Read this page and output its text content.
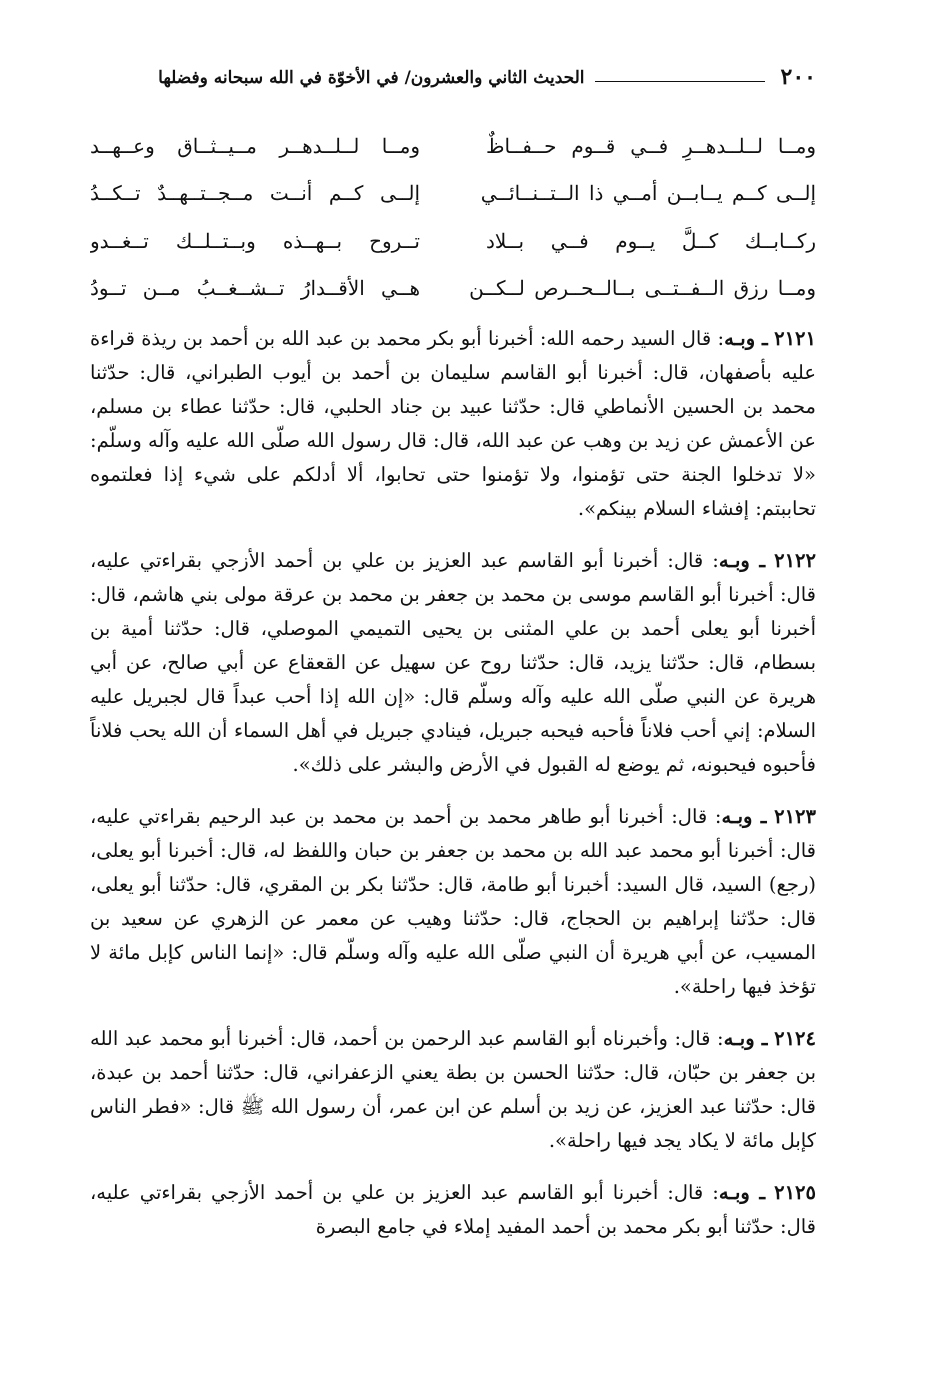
٢٠٠
الحديث الثاني والعشرون/ في الأخوّة في الله سبحانه وفضلها
ومــا لــلــدهــرِ فــي قــوم حــفــاظٌ
ومــا لــلــدهــر مــيــثــاق وعــهــد
إلــى كــم يــابــن أمــي ذا الــتــنــائــي
إلــى كــم أنــت مــجــتــهــدٌ تــكــدُ
ركــابــك كــلَّ يــوم فــي بــلاد
تــروح بــهــذه وبــتــلــك تــغــدو
ومــا رزق الــفــتــى بــالــحــرص لــكــن
هــي الأقــدارُ تــشــغــبُ مــن تــودُ

٢١٢١ ـ وبـه: قال السيد رحمه الله: أخبرنا أبو بكر محمد بن عبد الله بن أحمد بن ريذة قراءة عليه بأصفهان، قال: أخبرنا أبو القاسم سليمان بن أحمد بن أيوب الطبراني، قال: حدّثنا محمد بن الحسين الأنماطي قال: حدّثنا عبيد بن جناد الحلبي، قال: حدّثنا عطاء بن مسلم، عن الأعمش عن زيد بن وهب عن عبد الله، قال: قال رسول الله صلّى الله عليه وآله وسلّم: «لا تدخلوا الجنة حتى تؤمنوا، ولا تؤمنوا حتى تحابوا، ألا أدلكم على شيء إذا فعلتموه تحاببتم: إفشاء السلام بينكم».

٢١٢٢ ـ وبـه: قال: أخبرنا أبو القاسم عبد العزيز بن علي بن أحمد الأزجي بقراءتي عليه، قال: أخبرنا أبو القاسم موسى بن محمد بن جعفر بن محمد بن عرقة مولى بني هاشم، قال: أخبرنا أبو يعلى أحمد بن علي المثنى بن يحيى التميمي الموصلي، قال: حدّثنا أمية بن بسطام، قال: حدّثنا يزيد، قال: حدّثنا روح عن سهيل عن القعقاع عن أبي صالح، عن أبي هريرة عن النبي صلّى الله عليه وآله وسلّم قال: «إن الله إذا أحب عبداً قال لجبريل عليه السلام: إني أحب فلاناً فأحبه فيحبه جبريل، فينادي جبريل في أهل السماء أن الله يحب فلاناً فأحبوه فيحبونه، ثم يوضع له القبول في الأرض والبشر على ذلك».

٢١٢٣ ـ وبـه: قال: أخبرنا أبو طاهر محمد بن أحمد بن محمد بن عبد الرحيم بقراءتي عليه، قال: أخبرنا أبو محمد عبد الله بن محمد بن جعفر بن حبان واللفظ له، قال: أخبرنا أبو يعلى، (رجع) السيد، قال السيد: أخبرنا أبو طامة، قال: حدّثنا بكر بن المقري، قال: حدّثنا أبو يعلى، قال: حدّثنا إبراهيم بن الحجاج، قال: حدّثنا وهيب عن معمر عن الزهري عن سعيد بن المسيب، عن أبي هريرة أن النبي صلّى الله عليه وآله وسلّم قال: «إنما الناس كإبل مائة لا تؤخذ فيها راحلة».

٢١٢٤ ـ وبـه: قال: وأخبرناه أبو القاسم عبد الرحمن بن أحمد، قال: أخبرنا أبو محمد عبد الله بن جعفر بن حبّان، قال: حدّثنا الحسن بن بطة يعني الزعفراني، قال: حدّثنا أحمد بن عبدة، قال: حدّثنا عبد العزيز، عن زيد بن أسلم عن ابن عمر، أن رسول الله ﷺ قال: «فطر الناس كإبل مائة لا يكاد يجد فيها راحلة».

٢١٢٥ ـ وبـه: قال: أخبرنا أبو القاسم عبد العزيز بن علي بن أحمد الأزجي بقراءتي عليه، قال: حدّثنا أبو بكر محمد بن أحمد المفيد إملاء في جامع البصرة
